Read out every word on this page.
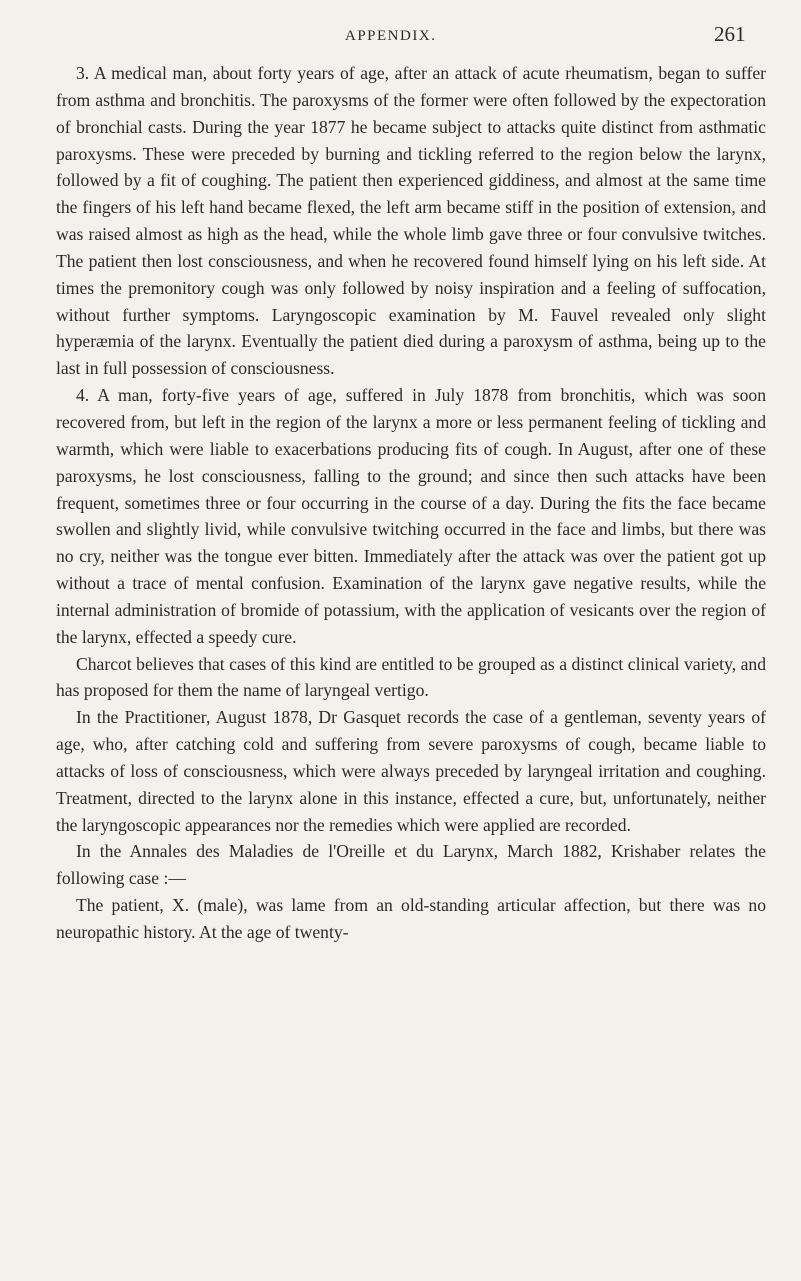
APPENDIX.	261

3. A medical man, about forty years of age, after an attack of acute rheumatism, began to suffer from asthma and bronchitis. The paroxysms of the former were often followed by the expectoration of bronchial casts. During the year 1877 he became subject to attacks quite distinct from asthmatic paroxysms. These were preceded by burning and tickling referred to the region below the larynx, followed by a fit of coughing. The patient then experienced giddiness, and almost at the same time the fingers of his left hand became flexed, the left arm became stiff in the position of extension, and was raised almost as high as the head, while the whole limb gave three or four convulsive twitches. The patient then lost consciousness, and when he recovered found himself lying on his left side. At times the premonitory cough was only followed by noisy inspiration and a feeling of suffocation, without further symptoms. Laryngoscopic examination by M. Fauvel revealed only slight hyperæmia of the larynx. Eventually the patient died during a paroxysm of asthma, being up to the last in full possession of consciousness.

4. A man, forty-five years of age, suffered in July 1878 from bronchitis, which was soon recovered from, but left in the region of the larynx a more or less permanent feeling of tickling and warmth, which were liable to exacerbations producing fits of cough. In August, after one of these paroxysms, he lost consciousness, falling to the ground; and since then such attacks have been frequent, sometimes three or four occurring in the course of a day. During the fits the face became swollen and slightly livid, while convulsive twitching occurred in the face and limbs, but there was no cry, neither was the tongue ever bitten. Immediately after the attack was over the patient got up without a trace of mental confusion. Examination of the larynx gave negative results, while the internal administration of bromide of potassium, with the application of vesicants over the region of the larynx, effected a speedy cure.

Charcot believes that cases of this kind are entitled to be grouped as a distinct clinical variety, and has proposed for them the name of laryngeal vertigo.

In the Practitioner, August 1878, Dr Gasquet records the case of a gentleman, seventy years of age, who, after catching cold and suffering from severe paroxysms of cough, became liable to attacks of loss of consciousness, which were always preceded by laryngeal irritation and coughing. Treatment, directed to the larynx alone in this instance, effected a cure, but, unfortunately, neither the laryngoscopic appearances nor the remedies which were applied are recorded.

In the Annales des Maladies de l'Oreille et du Larynx, March 1882, Krishaber relates the following case :—

The patient, X. (male), was lame from an old-standing articular affection, but there was no neuropathic history. At the age of twenty-
